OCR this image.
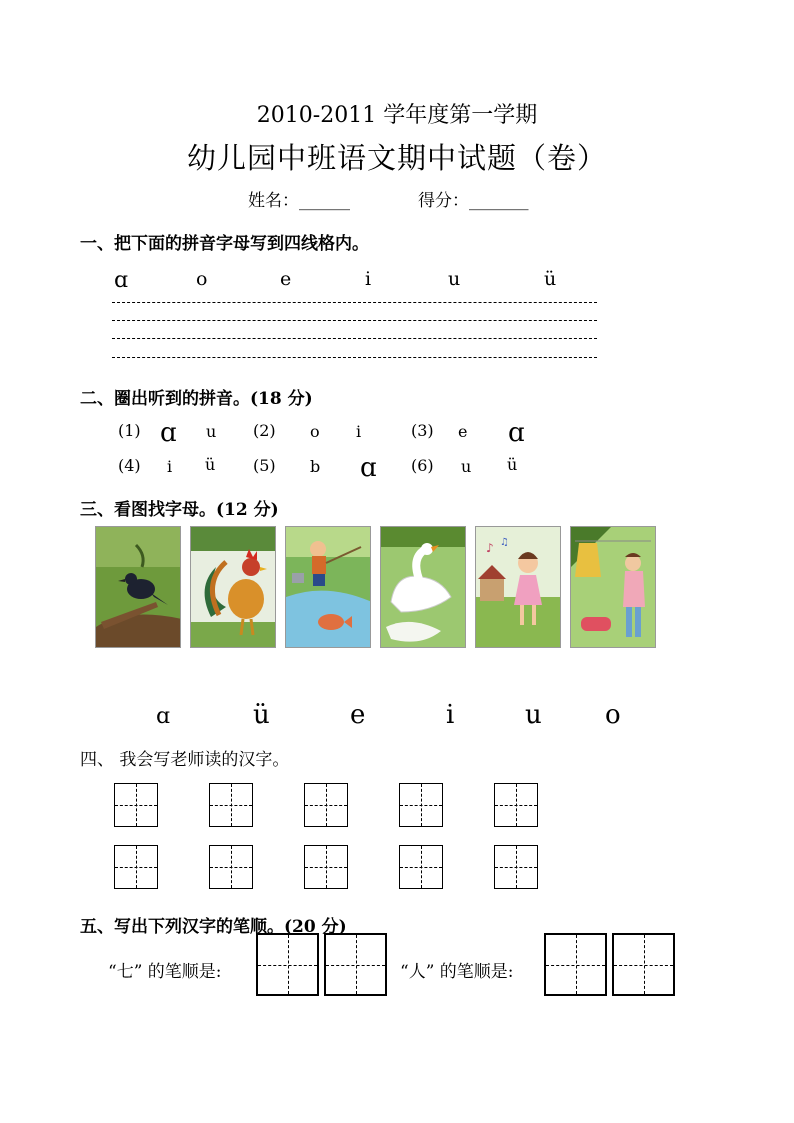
2010-2011 学年度第一学期
幼儿园中班语文期中试题（卷）
姓名：______	得分：_______
一、把下面的拼音字母写到四线格内。
ɑ	o	e	i	u	ü
二、圈出听到的拼音。(18 分)
(1) ɑ u (2) o i	(3) e ɑ
(4) i ü (5) b ɑ (6) u ü
三、看图找字母。(12 分)
♪ ♫
ɑ	ü	e	i	u o
四、 我会写老师读的汉字。
五、写出下列汉字的笔顺。(20 分)
“七” 的笔顺是:	“人” 的笔顺是:
